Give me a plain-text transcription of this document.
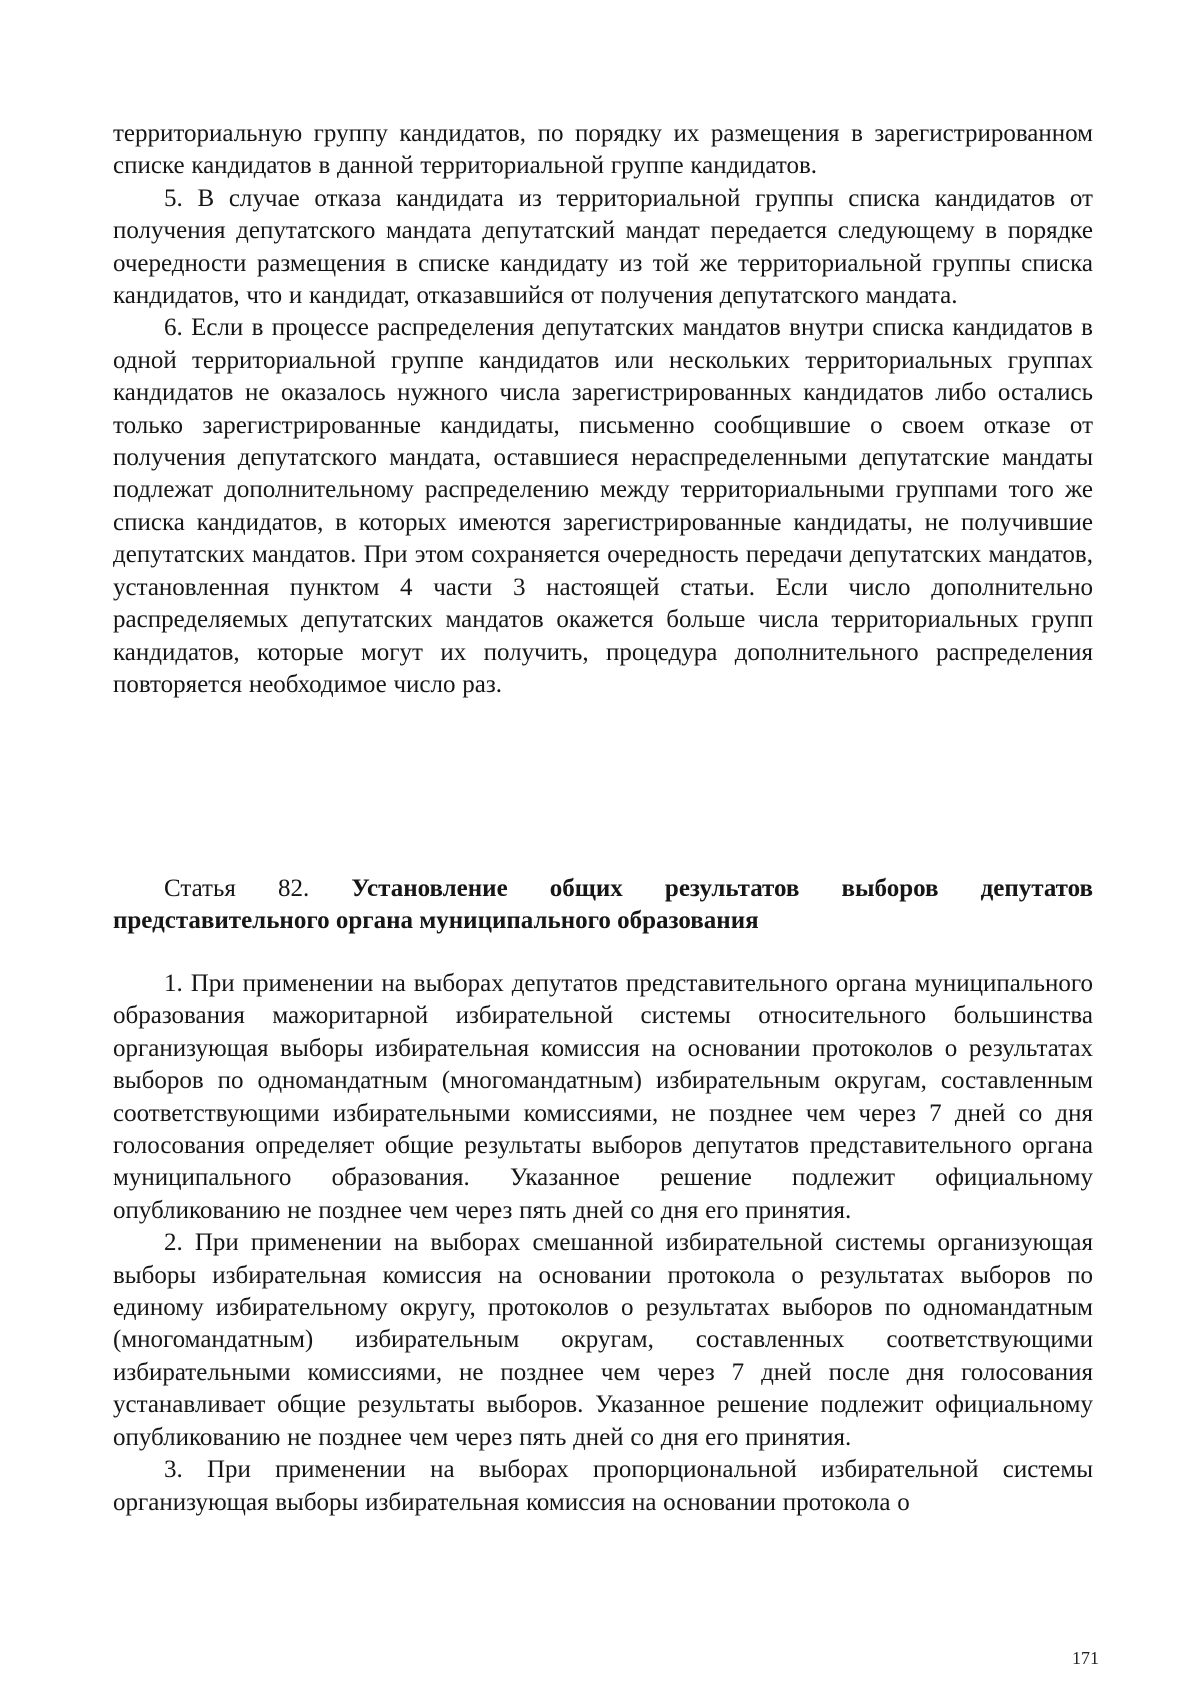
территориальную группу кандидатов, по порядку их размещения в зарегистрированном списке кандидатов в данной территориальной группе кандидатов.

5. В случае отказа кандидата из территориальной группы списка кандидатов от получения депутатского мандата депутатский мандат передается следующему в порядке очередности размещения в списке кандидату из той же территориальной группы списка кандидатов, что и кандидат, отказавшийся от получения депутатского мандата.

6. Если в процессе распределения депутатских мандатов внутри списка кандидатов в одной территориальной группе кандидатов или нескольких территориальных группах кандидатов не оказалось нужного числа зарегистрированных кандидатов либо остались только зарегистрированные кандидаты, письменно сообщившие о своем отказе от получения депутатского мандата, оставшиеся нераспределенными депутатские мандаты подлежат дополнительному распределению между территориальными группами того же списка кандидатов, в которых имеются зарегистрированные кандидаты, не получившие депутатских мандатов. При этом сохраняется очередность передачи депутатских мандатов, установленная пунктом 4 части 3 настоящей статьи. Если число дополнительно распределяемых депутатских мандатов окажется больше числа территориальных групп кандидатов, которые могут их получить, процедура дополнительного распределения повторяется необходимое число раз.

Статья 82. Установление общих результатов выборов депутатов представительного органа муниципального образования

1. При применении на выборах депутатов представительного органа муниципального образования мажоритарной избирательной системы относительного большинства организующая выборы избирательная комиссия на основании протоколов о результатах выборов по одномандатным (многомандатным) избирательным округам, составленным соответствующими избирательными комиссиями, не позднее чем через 7 дней со дня голосования определяет общие результаты выборов депутатов представительного органа муниципального образования. Указанное решение подлежит официальному опубликованию не позднее чем через пять дней со дня его принятия.

2. При применении на выборах смешанной избирательной системы организующая выборы избирательная комиссия на основании протокола о результатах выборов по единому избирательному округу, протоколов о результатах выборов по одномандатным (многомандатным) избирательным округам, составленных соответствующими избирательными комиссиями, не позднее чем через 7 дней после дня голосования устанавливает общие результаты выборов. Указанное решение подлежит официальному опубликованию не позднее чем через пять дней со дня его принятия.

3. При применении на выборах пропорциональной избирательной системы организующая выборы избирательная комиссия на основании протокола о

171
